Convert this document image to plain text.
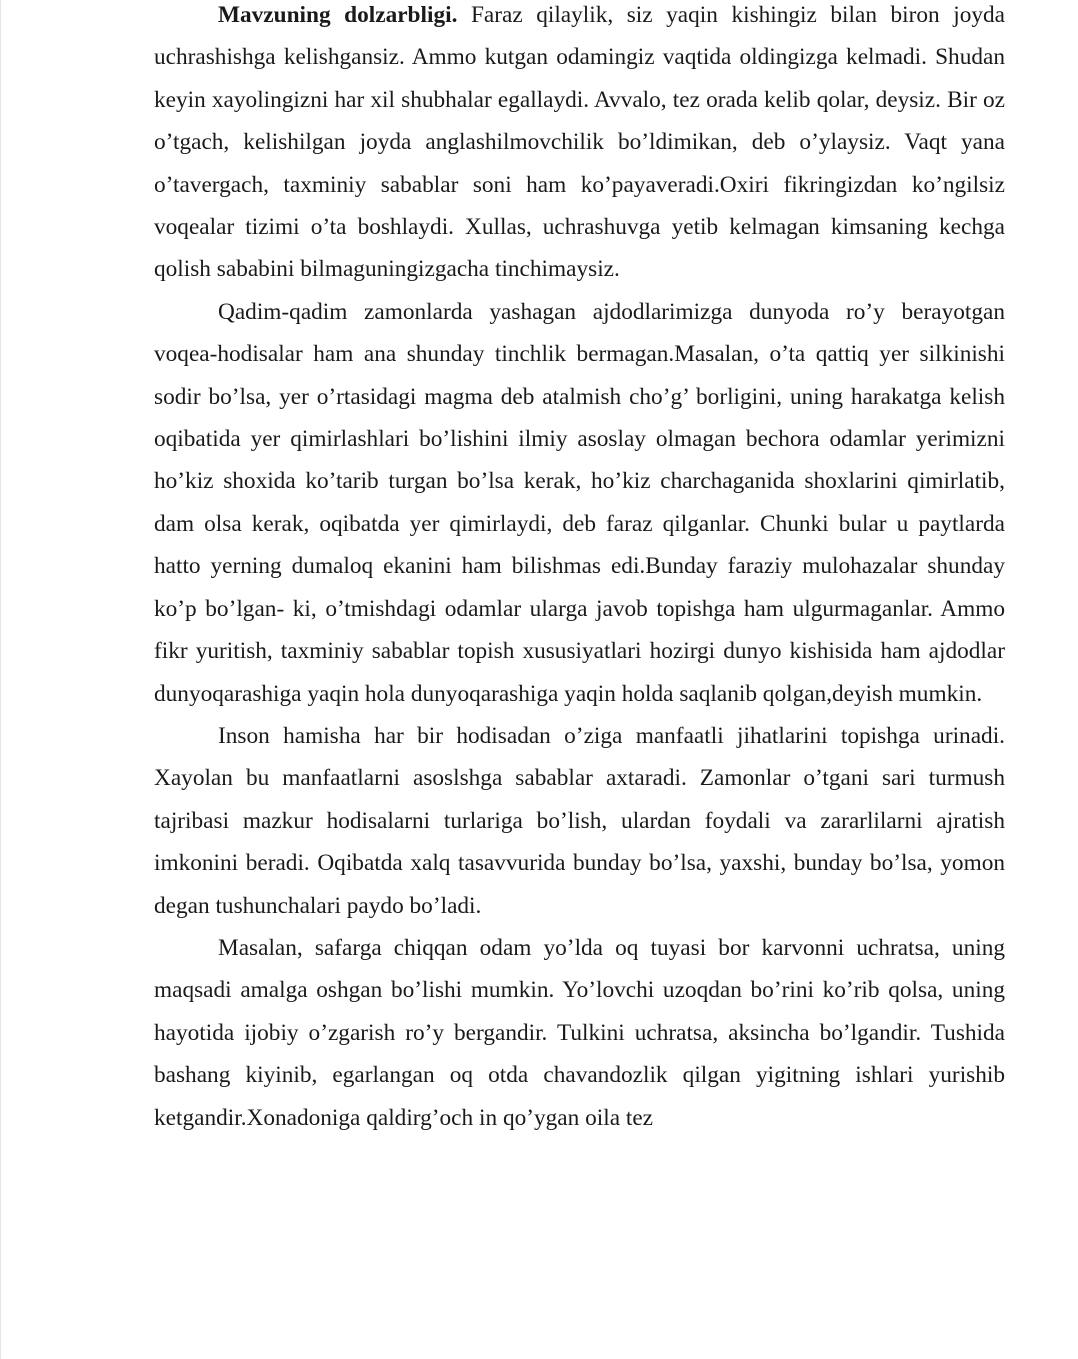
Mavzuning dolzarbligi. Faraz qilaylik, siz yaqin kishingiz bilan biron joyda uchrashishga kelishgansiz. Ammo kutgan odamingiz vaqtida oldingizga kelmadi. Shudan keyin xayolingizni har xil shubhalar egallaydi. Avvalo, tez orada kelib qolar, deysiz. Bir oz o’tgach, kelishilgan joyda anglashilmovchilik bo’ldimikan, deb o’ylaysiz. Vaqt yana o’tavergach, taxminiy sabablar soni ham ko’payaveradi.Oxiri fikringizdan ko’ngilsiz voqealar tizimi o’ta boshlaydi. Xullas, uchrashuvga yetib kelmagan kimsaning kechga qolish sababini bilmaguningizgacha tinchimaysiz.

Qadim-qadim zamonlarda yashagan ajdodlarimizga dunyoda ro’y berayotgan voqea-hodisalar ham ana shunday tinchlik bermagan.Masalan, o’ta qattiq yer silkinishi sodir bo’lsa, yer o’rtasidagi magma deb atalmish cho’g’ borligini, uning harakatga kelish oqibatida yer qimirlashlari bo’lishini ilmiy asoslay olmagan bechora odamlar yerimizni ho’kiz shoxida ko’tarib turgan bo’lsa kerak, ho’kiz charchaganida shoxlarini qimirlatib, dam olsa kerak, oqibatda yer qimirlaydi, deb faraz qilganlar. Chunki bular u paytlarda hatto yerning dumaloq ekanini ham bilishmas edi.Bunday faraziy mulohazalar shunday ko’p bo’lgan- ki, o’tmishdagi odamlar ularga javob topishga ham ulgurmaganlar. Ammo fikr yuritish, taxminiy sabablar topish xususiyatlari hozirgi dunyo kishisida ham ajdodlar dunyoqarashiga yaqin hola dunyoqarashiga yaqin holda saqlanib qolgan,deyish mumkin.

Inson hamisha har bir hodisadan o’ziga manfaatli jihatlarini topishga urinadi. Xayolan bu manfaatlarni asoslshga sabablar axtaradi. Zamonlar o’tgani sari turmush tajribasi mazkur hodisalarni turlariga bo’lish, ulardan foydali va zararlilarni ajratish imkonini beradi. Oqibatda xalq tasavvurida bunday bo’lsa, yaxshi, bunday bo’lsa, yomon degan tushunchalari paydo bo’ladi.

Masalan, safarga chiqqan odam yo’lda oq tuyasi bor karvonni uchratsa, uning maqsadi amalga oshgan bo’lishi mumkin. Yo’lovchi uzoqdan bo’rini ko’rib qolsa, uning hayotida ijobiy o’zgarish ro’y bergandir. Tulkini uchratsa, aksincha bo’lgandir. Tushida bashang kiyinib, egarlangan oq otda chavandozlik qilgan yigitning ishlari yurishib ketgandir.Xonadoniga qaldirg’och in qo’ygan oila tez
